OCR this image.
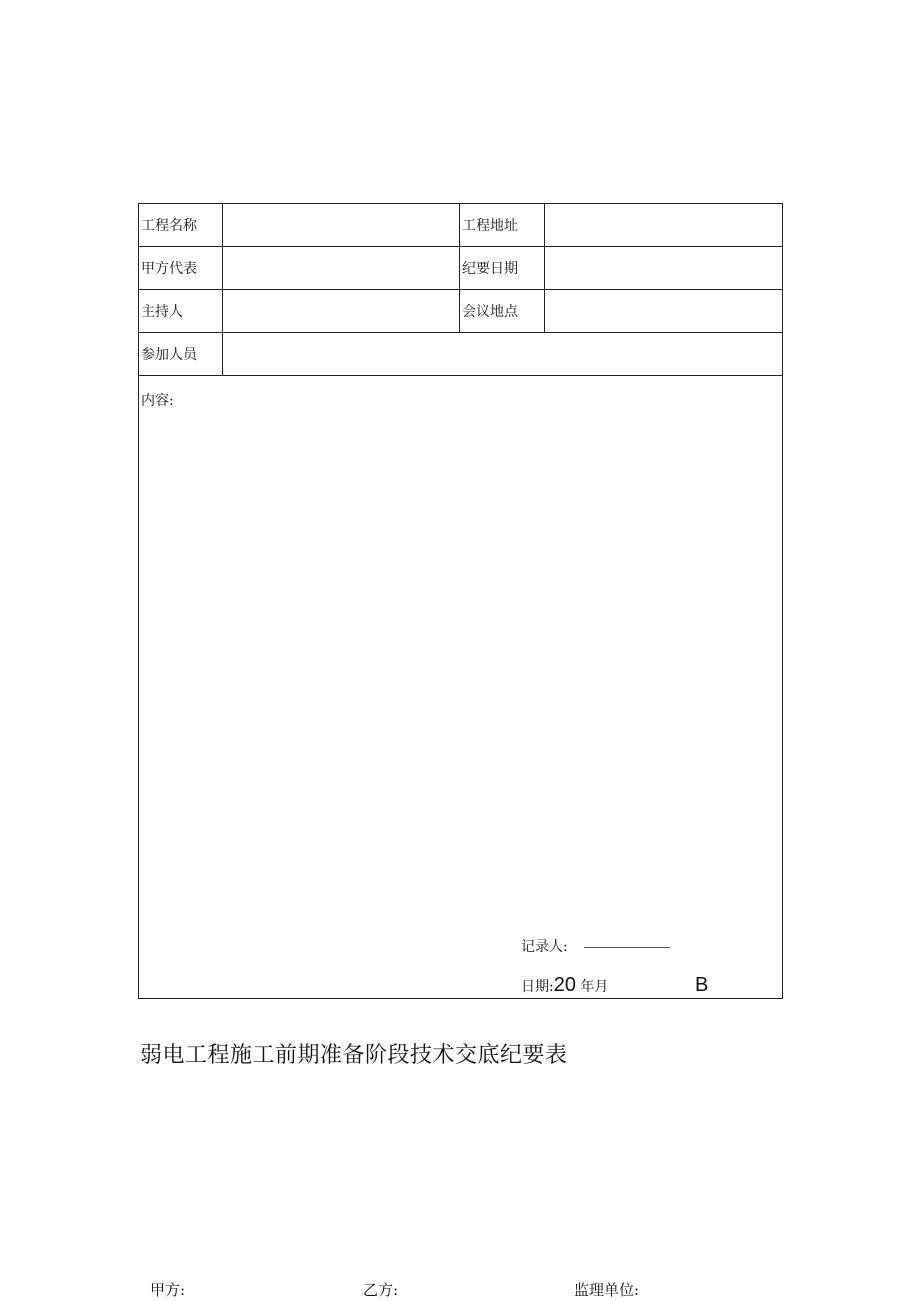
工程名称		工程地址	
甲方代表		纪要日期	
主持人		会议地点	
参加人员			

内容:
记录人:
日期:20 年月 B			
弱电工程施工前期准备阶段技术交底纪要表
甲方:	乙方:	监理单位:
